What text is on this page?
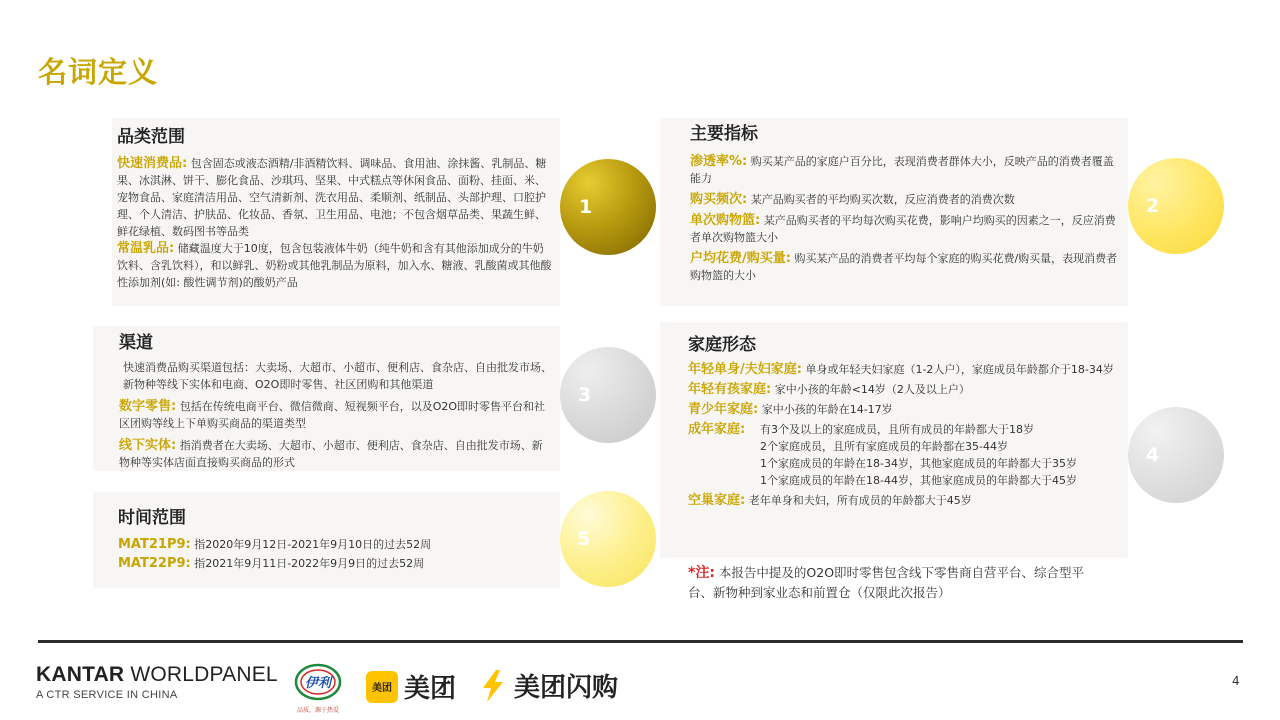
名词定义
品类范围
快速消费品: 包含固态或液态酒精/非酒精饮料、调味品、食用油、涂抹酱、乳制品、糖果、冰淇淋、饼干、膨化食品、沙琪玛、坚果、中式糕点等休闲食品、面粉、挂面、米、宠物食品、家庭清洁用品、空气清新剂、洗衣用品、柔顺剂、纸制品、头部护理、口腔护理、个人清洁、护肤品、化妆品、香氛、卫生用品、电池；不包含烟草品类、果蔬生鲜、鲜花绿植、数码图书等品类
常温乳品: 储藏温度大于10度，包含包装液体牛奶（纯牛奶和含有其他添加成分的牛奶饮料、含乳饮料），和以鲜乳、奶粉或其他乳制品为原料，加入水、糖液、乳酸菌或其他酸性添加剂(如: 酸性调节剂)的酸奶产品
1
主要指标
渗透率%: 购买某产品的家庭户百分比，表现消费者群体大小，反映产品的消费者覆盖能力
购买频次: 某产品购买者的平均购买次数，反应消费者的消费次数
单次购物篮: 某产品购买者的平均每次购买花费，影响户均购买的因素之一，反应消费者单次购物篮大小
户均花费/购买量: 购买某产品的消费者平均每个家庭的购买花费/购买量，表现消费者购物篮的大小
2
渠道
快速消费品购买渠道包括：大卖场、大超市、小超市、便利店、食杂店、自由批发市场、新物种等线下实体和电商、O2O即时零售、社区团购和其他渠道
数字零售: 包括在传统电商平台、微信微商、短视频平台，以及O2O即时零售平台和社区团购等线上下单购买商品的渠道类型
线下实体: 指消费者在大卖场、大超市、小超市、便利店、食杂店、自由批发市场、新物种等实体店面直接购买商品的形式
3
家庭形态
年轻单身/夫妇家庭: 单身或年轻夫妇家庭（1-2人户），家庭成员年龄都介于18-34岁
年轻有孩家庭: 家中小孩的年龄<14岁（2人及以上户）
青少年家庭: 家中小孩的年龄在14-17岁
成年家庭:	有3个及以上的家庭成员，且所有成员的年龄都大于18岁
2个家庭成员，且所有家庭成员的年龄都在35-44岁
1个家庭成员的年龄在18-34岁，其他家庭成员的年龄都大于35岁
1个家庭成员的年龄在18-44岁，其他家庭成员的年龄都大于45岁
空巢家庭: 老年单身和夫妇，所有成员的年龄都大于45岁
4
时间范围
MAT21P9: 指2020年9月12日-2021年9月10日的过去52周
MAT22P9: 指2021年9月11日-2022年9月9日的过去52周
5
*注: 本报告中提及的O2O即时零售包含线下零售商自营平台、综合型平台、新物种到家业态和前置仓（仅限此次报告）
KANTAR WORLDPANEL
A CTR SERVICE IN CHINA
伊利
品质，源于热爱
美团 美团 美团闪购	4
